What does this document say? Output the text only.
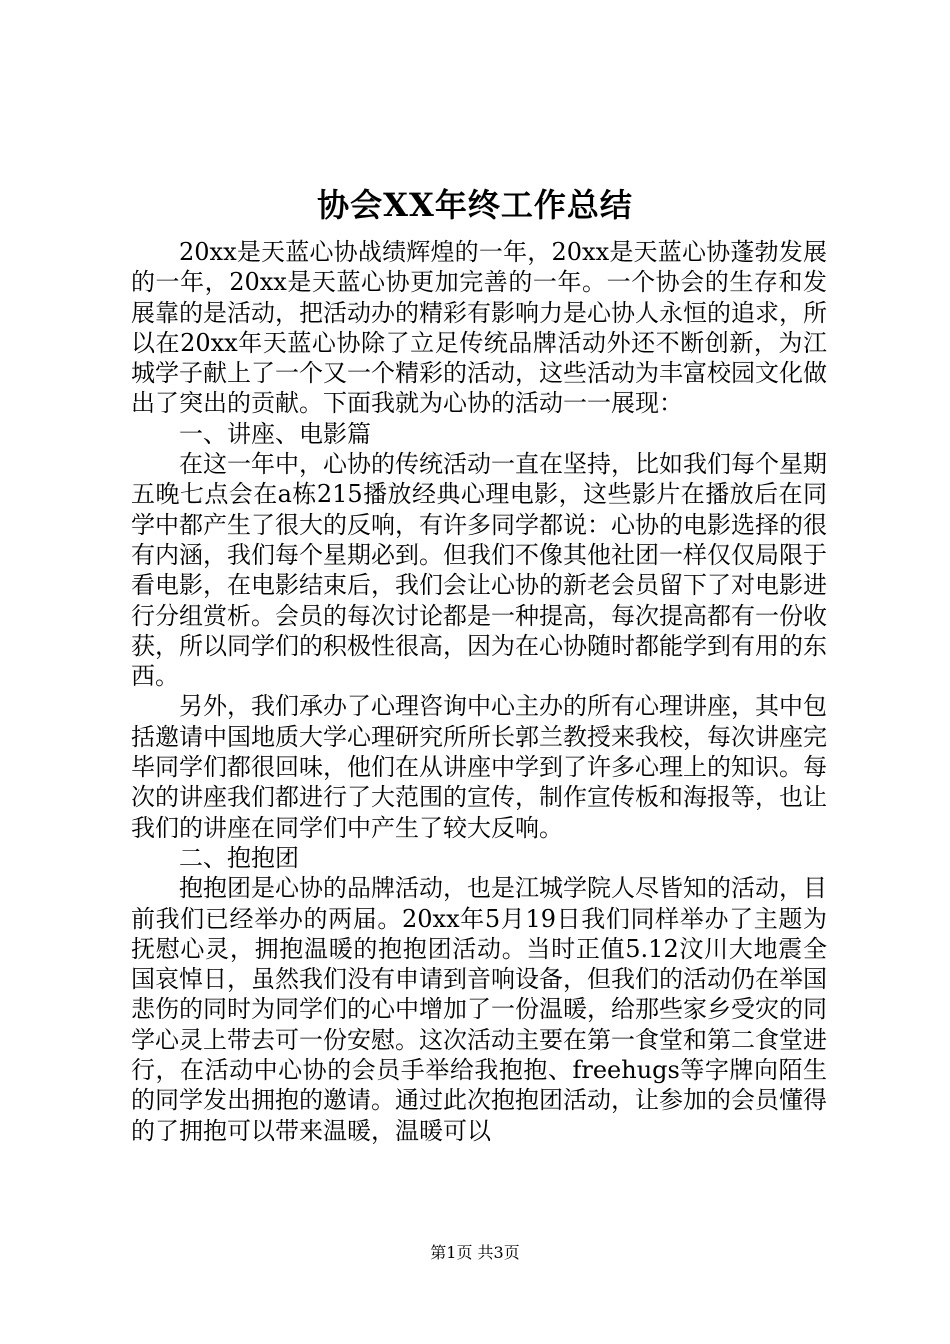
协会XX年终工作总结

20xx是天蓝心协战绩辉煌的一年，20xx是天蓝心协蓬勃发展的一年，20xx是天蓝心协更加完善的一年。一个协会的生存和发展靠的是活动，把活动办的精彩有影响力是心协人永恒的追求，所以在20xx年天蓝心协除了立足传统品牌活动外还不断创新，为江城学子献上了一个又一个精彩的活动，这些活动为丰富校园文化做出了突出的贡献。下面我就为心协的活动一一展现：

一、讲座、电影篇

在这一年中，心协的传统活动一直在坚持，比如我们每个星期五晚七点会在a栋215播放经典心理电影，这些影片在播放后在同学中都产生了很大的反响，有许多同学都说：心协的电影选择的很有内涵，我们每个星期必到。但我们不像其他社团一样仅仅局限于看电影，在电影结束后，我们会让心协的新老会员留下了对电影进行分组赏析。会员的每次讨论都是一种提高，每次提高都有一份收获，所以同学们的积极性很高，因为在心协随时都能学到有用的东西。

另外，我们承办了心理咨询中心主办的所有心理讲座，其中包括邀请中国地质大学心理研究所所长郭兰教授来我校，每次讲座完毕同学们都很回味，他们在从讲座中学到了许多心理上的知识。每次的讲座我们都进行了大范围的宣传，制作宣传板和海报等，也让我们的讲座在同学们中产生了较大反响。

二、抱抱团

抱抱团是心协的品牌活动，也是江城学院人尽皆知的活动，目前我们已经举办的两届。20xx年5月19日我们同样举办了主题为抚慰心灵，拥抱温暖的抱抱团活动。当时正值5.12汶川大地震全国哀悼日，虽然我们没有申请到音响设备，但我们的活动仍在举国悲伤的同时为同学们的心中增加了一份温暖，给那些家乡受灾的同学心灵上带去可一份安慰。这次活动主要在第一食堂和第二食堂进行，在活动中心协的会员手举给我抱抱、freehugs等字牌向陌生的同学发出拥抱的邀请。通过此次抱抱团活动，让参加的会员懂得的了拥抱可以带来温暖，温暖可以

第1页 共3页
